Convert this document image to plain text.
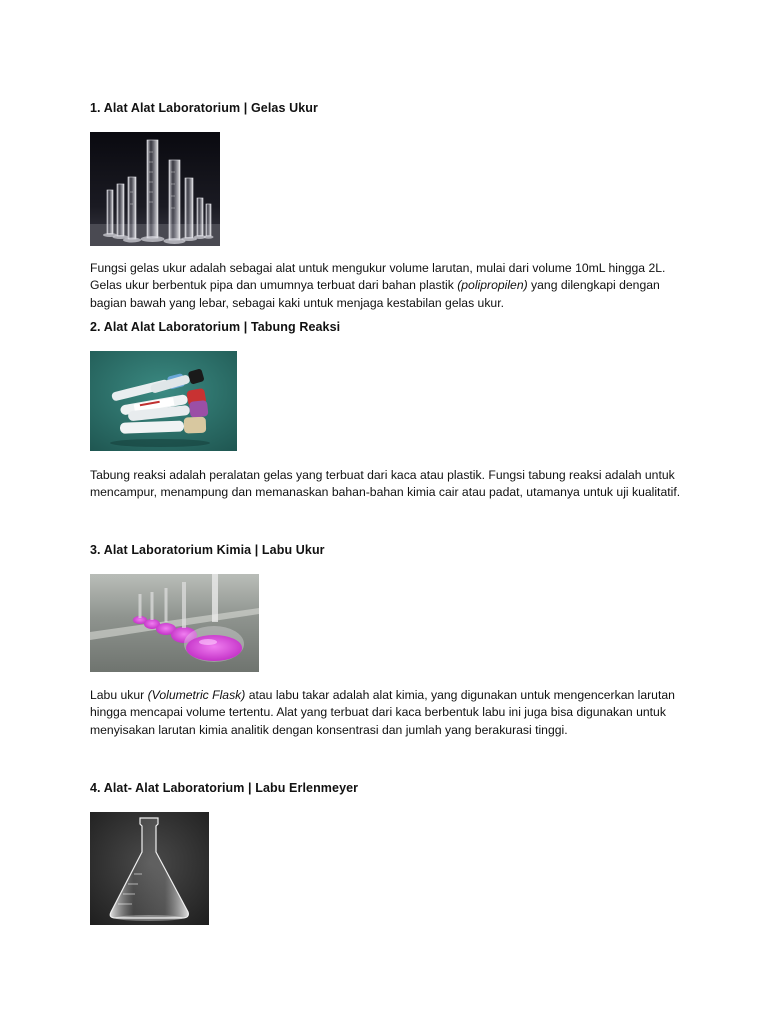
1. Alat Alat Laboratorium | Gelas Ukur

Fungsi gelas ukur adalah sebagai alat untuk mengukur volume larutan, mulai dari volume 10mL hingga 2L. Gelas ukur berbentuk pipa dan umumnya terbuat dari bahan plastik (polipropilen) yang dilengkapi dengan bagian bawah yang lebar, sebagai kaki untuk menjaga kestabilan gelas ukur.

2. Alat Alat Laboratorium | Tabung Reaksi

Tabung reaksi adalah peralatan gelas yang terbuat dari kaca atau plastik. Fungsi tabung reaksi adalah untuk mencampur, menampung dan memanaskan bahan-bahan kimia cair atau padat, utamanya untuk uji kualitatif.

3. Alat Laboratorium Kimia | Labu Ukur

Labu ukur (Volumetric Flask) atau labu takar adalah alat kimia, yang digunakan untuk mengencerkan larutan hingga mencapai volume tertentu. Alat yang terbuat dari kaca berbentuk labu ini juga bisa digunakan untuk menyisakan larutan kimia analitik dengan konsentrasi dan jumlah yang berakurasi tinggi.

4. Alat- Alat Laboratorium | Labu Erlenmeyer
